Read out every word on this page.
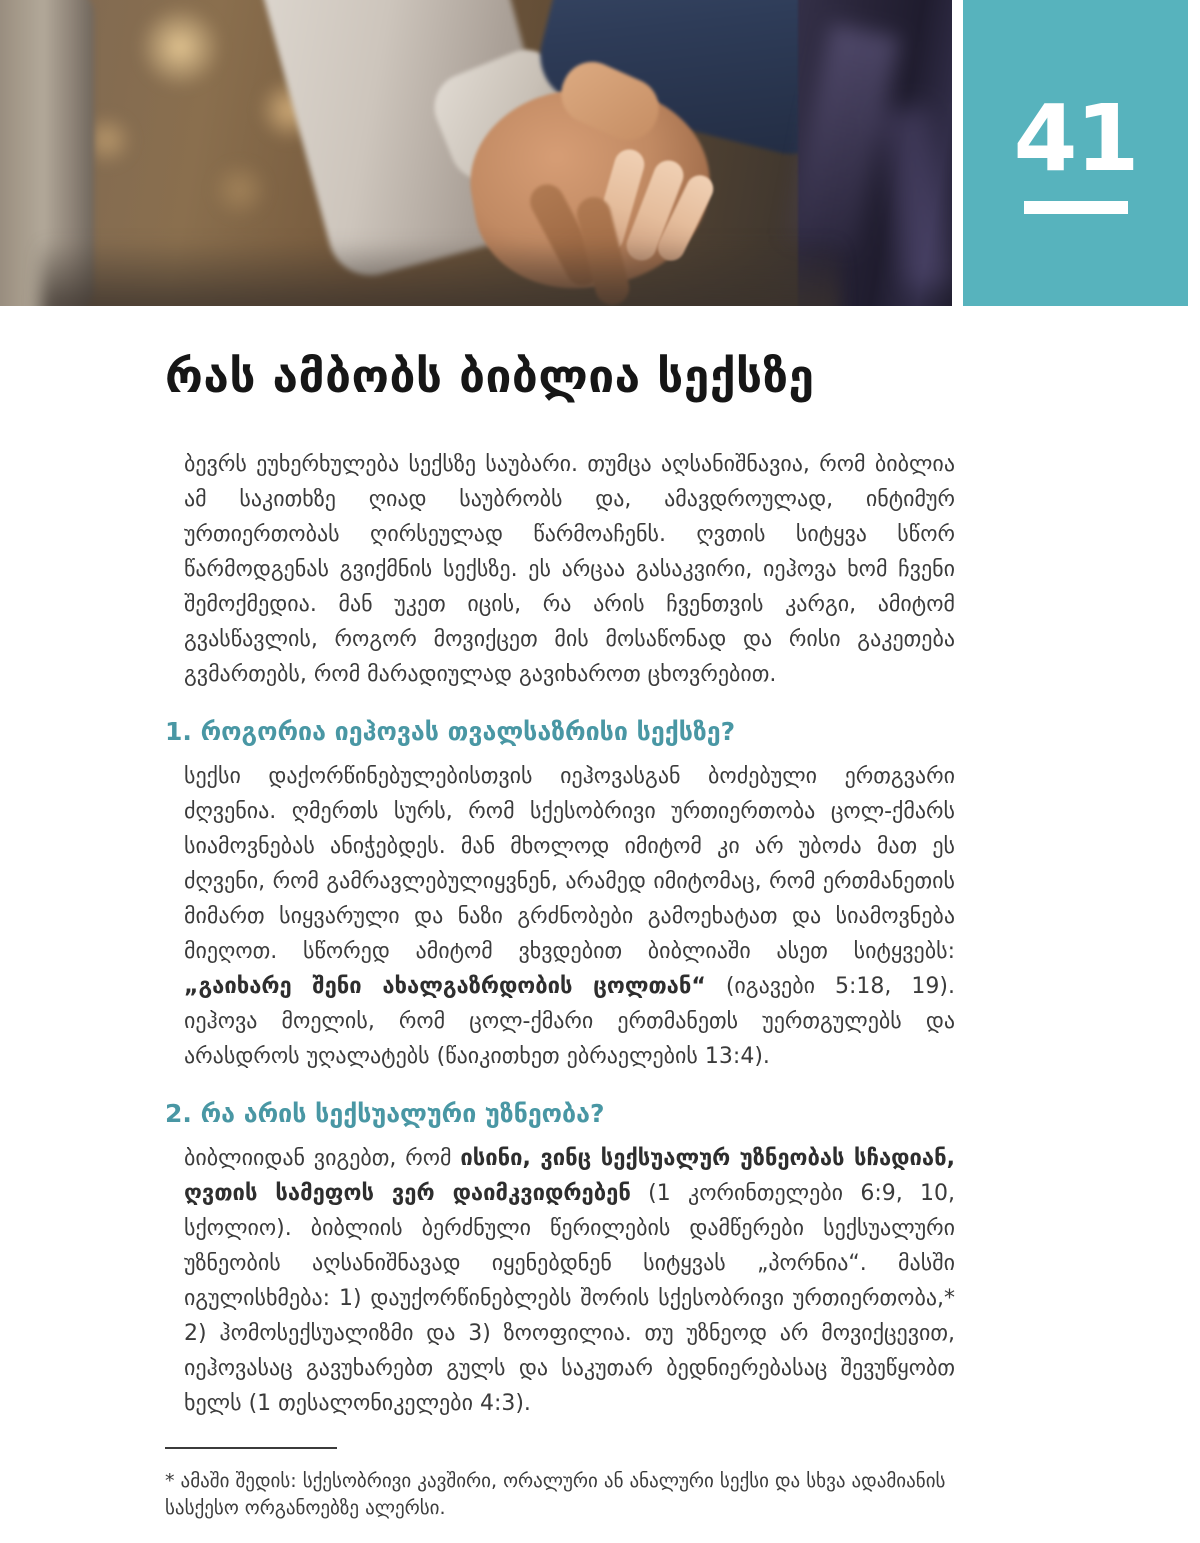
41
რას ამბობს ბიბლია სექსზე

ბევრს ეუხერხულება სექსზე საუბარი. თუმცა აღსანიშნავია, რომ ბიბლია ამ საკითხზე ღიად საუბრობს და, ამავდროულად, ინტიმურ ურთიერთობას ღირსეულად წარმოაჩენს. ღვთის სიტყვა სწორ წარმოდგენას გვიქმნის სექსზე. ეს არცაა გასაკვირი, იეჰოვა ხომ ჩვენი შემოქმედია. მან უკეთ იცის, რა არის ჩვენთვის კარგი, ამიტომ გვასწავლის, როგორ მოვიქცეთ მის მოსაწონად და რისი გაკეთება გვმართებს, რომ მარადიულად გავიხაროთ ცხოვრებით.

1. როგორია იეჰოვას თვალსაზრისი სექსზე?

სექსი დაქორწინებულებისთვის იეჰოვასგან ბოძებული ერთგვარი ძღვენია. ღმერთს სურს, რომ სქესობრივი ურთიერთობა ცოლ-ქმარს სიამოვნებას ანიჭებდეს. მან მხოლოდ იმიტომ კი არ უბოძა მათ ეს ძღვენი, რომ გამრავლებულიყვნენ, არამედ იმიტომაც, რომ ერთმანეთის მიმართ სიყვარული და ნაზი გრძნობები გამოეხატათ და სიამოვნება მიეღოთ. სწორედ ამიტომ ვხვდებით ბიბლიაში ასეთ სიტყვებს: „გაიხარე შენი ახალგაზრდობის ცოლთან“ (იგავები 5:18, 19). იეჰოვა მოელის, რომ ცოლ-ქმარი ერთმანეთს უერთგულებს და არასდროს უღალატებს (წაიკითხეთ ებრაელების 13:4).

2. რა არის სექსუალური უზნეობა?

ბიბლიიდან ვიგებთ, რომ ისინი, ვინც სექსუალურ უზნეობას სჩადიან, ღვთის სამეფოს ვერ დაიმკვიდრებენ (1 კორინთელები 6:9, 10, სქოლიო). ბიბლიის ბერძნული წერილების დამწერები სექსუალური უზნეობის აღსანიშნავად იყენებდნენ სიტყვას „პორნია“. მასში იგულისხმება: 1) დაუქორწინებლებს შორის სქესობრივი ურთიერთობა,* 2) ჰომოსექსუალიზმი და 3) ზოოფილია. თუ უზნეოდ არ მოვიქცევით, იეჰოვასაც გავუხარებთ გულს და საკუთარ ბედნიერებასაც შევუწყობთ ხელს (1 თესალონიკელები 4:3).

* ამაში შედის: სქესობრივი კავშირი, ორალური ან ანალური სექსი და სხვა ადამიანის სასქესო ორგანოებზე ალერსი.
